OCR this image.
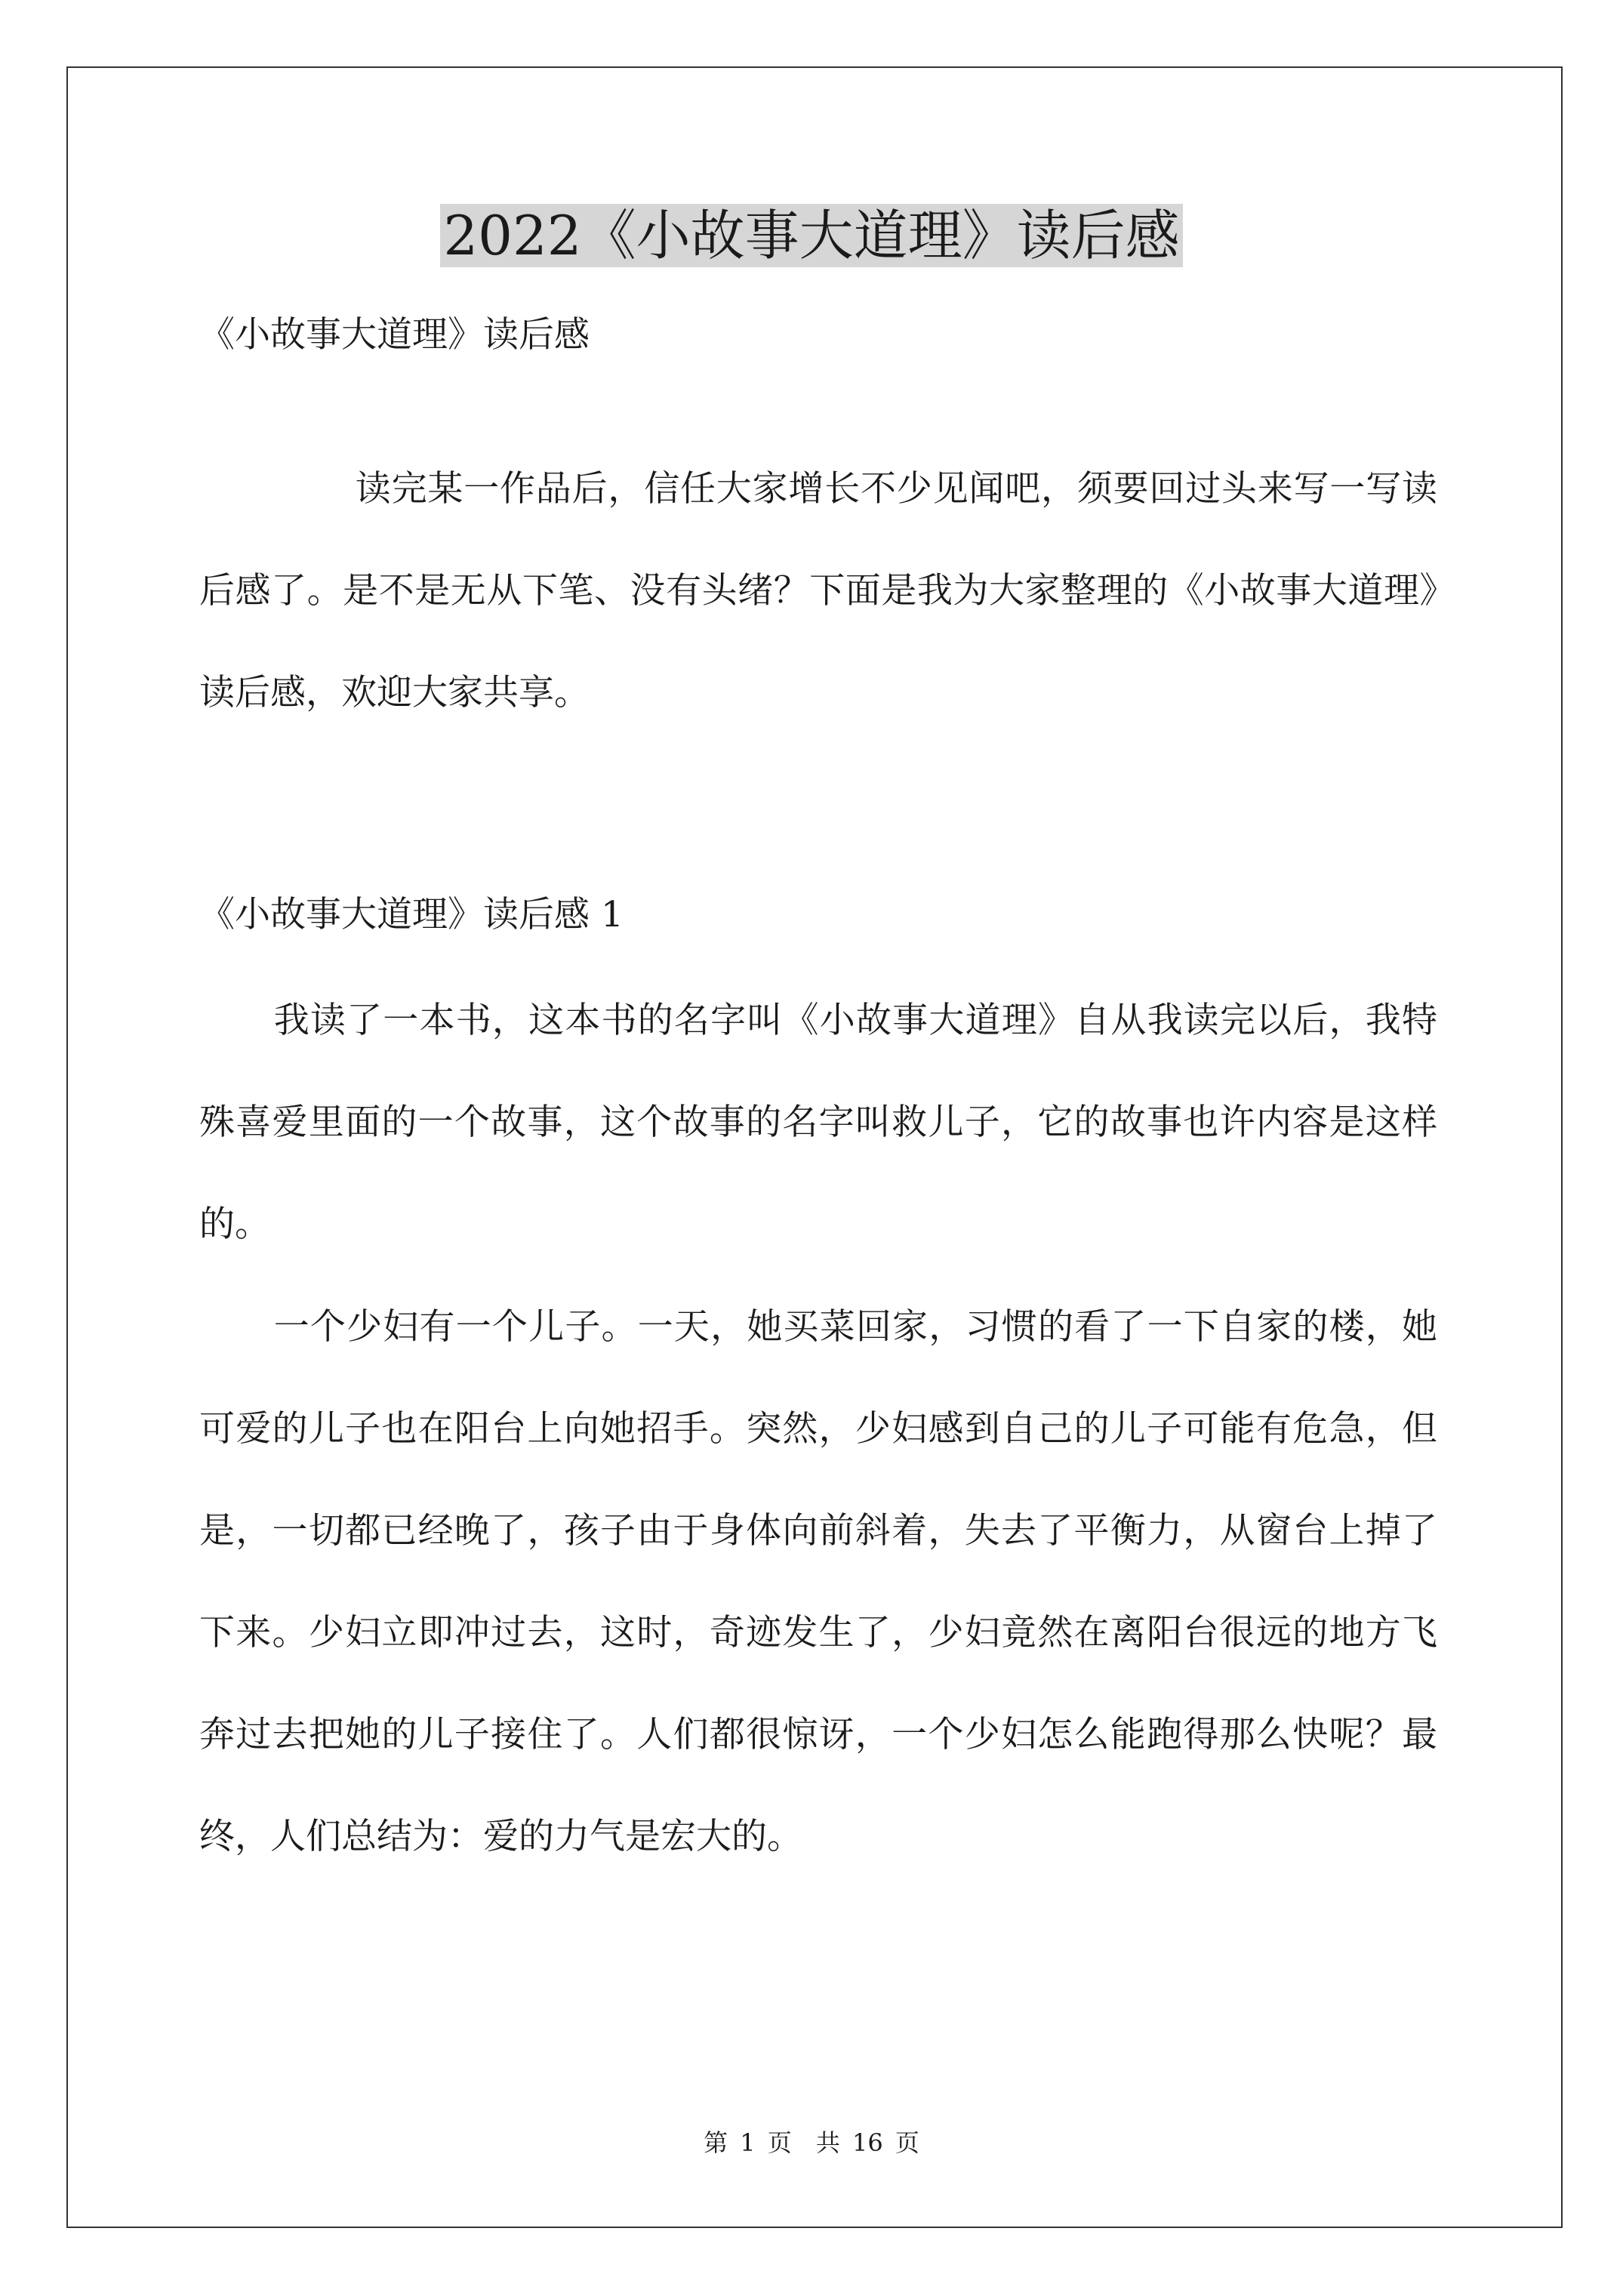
2022《小故事大道理》读后感

《小故事大道理》读后感

读完某一作品后，信任大家增长不少见闻吧，须要回过头来写一写读后感了。是不是无从下笔、没有头绪？下面是我为大家整理的《小故事大道理》读后感，欢迎大家共享。

《小故事大道理》读后感 1

我读了一本书，这本书的名字叫《小故事大道理》自从我读完以后，我特殊喜爱里面的一个故事，这个故事的名字叫救儿子，它的故事也许内容是这样的。

一个少妇有一个儿子。一天，她买菜回家，习惯的看了一下自家的楼，她可爱的儿子也在阳台上向她招手。突然，少妇感到自己的儿子可能有危急，但是，一切都已经晚了，孩子由于身体向前斜着，失去了平衡力，从窗台上掉了下来。少妇立即冲过去，这时，奇迹发生了，少妇竟然在离阳台很远的地方飞奔过去把她的儿子接住了。人们都很惊讶，一个少妇怎么能跑得那么快呢？最终，人们总结为：爱的力气是宏大的。

第 1 页　共 16 页
